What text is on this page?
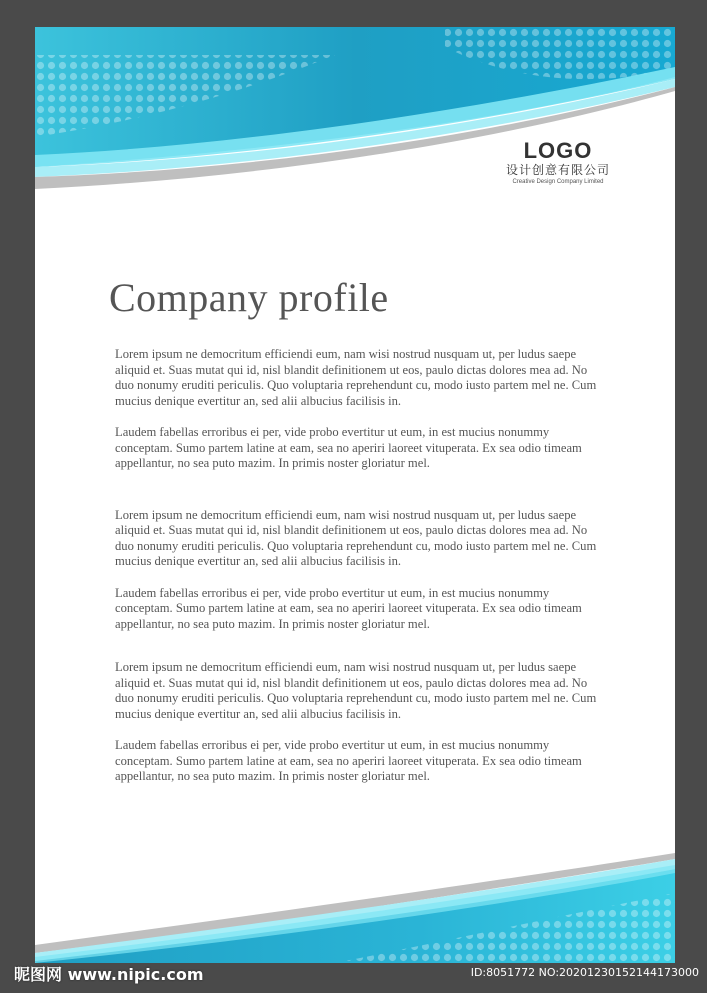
LOGO
设计创意有限公司
Creative Design Company Limited
Company profile

Lorem ipsum ne democritum efficiendi eum, nam wisi nostrud nusquam ut, per ludus saepe aliquid et. Suas mutat qui id, nisl blandit definitionem ut eos, paulo dictas dolores mea ad. No duo nonumy eruditi periculis. Quo voluptaria reprehendunt cu, modo iusto partem mel ne. Cum mucius denique evertitur an, sed alii albucius facilisis in.

Laudem fabellas erroribus ei per, vide probo evertitur ut eum, in est mucius nonummy conceptam. Sumo partem latine at eam, sea no aperiri laoreet vituperata. Ex sea odio timeam appellantur, no sea puto mazim. In primis noster gloriatur mel.

Lorem ipsum ne democritum efficiendi eum, nam wisi nostrud nusquam ut, per ludus saepe aliquid et. Suas mutat qui id, nisl blandit definitionem ut eos, paulo dictas dolores mea ad. No duo nonumy eruditi periculis. Quo voluptaria reprehendunt cu, modo iusto partem mel ne. Cum mucius denique evertitur an, sed alii albucius facilisis in.

Laudem fabellas erroribus ei per, vide probo evertitur ut eum, in est mucius nonummy conceptam. Sumo partem latine at eam, sea no aperiri laoreet vituperata. Ex sea odio timeam appellantur, no sea puto mazim. In primis noster gloriatur mel.

Lorem ipsum ne democritum efficiendi eum, nam wisi nostrud nusquam ut, per ludus saepe aliquid et. Suas mutat qui id, nisl blandit definitionem ut eos, paulo dictas dolores mea ad. No duo nonumy eruditi periculis. Quo voluptaria reprehendunt cu, modo iusto partem mel ne. Cum mucius denique evertitur an, sed alii albucius facilisis in.

Laudem fabellas erroribus ei per, vide probo evertitur ut eum, in est mucius nonummy conceptam. Sumo partem latine at eam, sea no aperiri laoreet vituperata. Ex sea odio timeam appellantur, no sea puto mazim. In primis noster gloriatur mel.

昵图网 www.nipic.com	ID:8051772 NO:20201230152144173000
